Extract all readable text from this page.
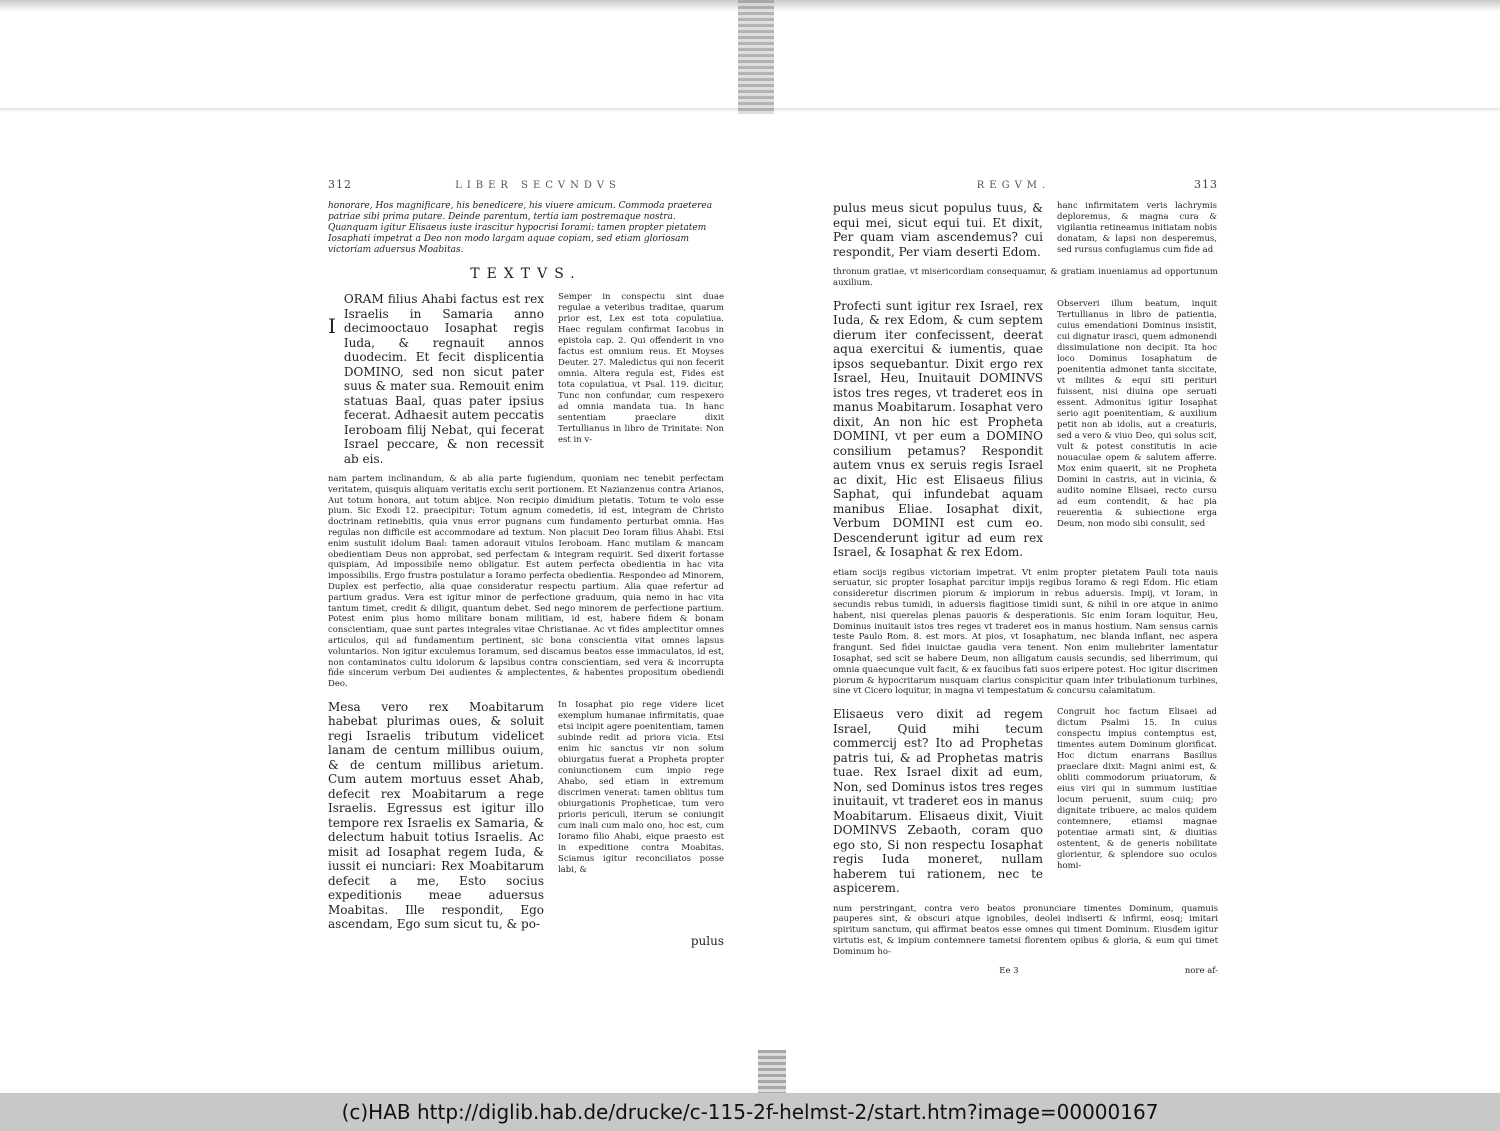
312	LIBER SECVNDVS

honorare, Hos magnificare, his benedicere, his viuere amicum. Commoda praeterea patriae sibi prima putare. Deinde parentum, tertia iam postremaque nostra. Quanquam igitur Elisaeus iuste irascitur hypocrisi Iorami: tamen propter pietatem Iosaphati impetrat a Deo non modo largam aquae copiam, sed etiam gloriosam victoriam aduersus Moabitas.

TEXTVS.
I
ORAM filius Ahabi factus est rex Israelis in Samaria anno decimooctauo Iosaphat regis Iuda, & regnauit annos duodecim. Et fecit displicentia DOMINO, sed non sicut pater suus & mater sua. Remouit enim statuas Baal, quas pater ipsius fecerat. Adhaesit autem peccatis Ieroboam filij Nebat, qui fecerat Israel peccare, & non recessit ab eis.
Semper in conspectu sint duae regulae a veteribus traditae, quarum prior est, Lex est tota copulatiua. Haec regulam confirmat Iacobus in epistola cap. 2. Qui offenderit in vno factus est omnium reus. Et Moyses Deuter. 27. Maledictus qui non fecerit omnia. Altera regula est, Fides est tota copulatiua, vt Psal. 119. dicitur, Tunc non confundar, cum respexero ad omnia mandata tua. In hanc sententiam praeclare dixit Tertullianus in libro de Trinitate: Non est in v-
nam partem inclinandum, & ab alia parte fugiendum, quoniam nec tenebit perfectam veritatem, quisquis aliquam veritatis exclu serit portionem. Et Nazianzenus contra Arianos, Aut totum honora, aut totum abijce. Non recipio dimidium pietatis. Totum te volo esse pium. Sic Exodi 12. praecipitur: Totum agnum comedetis, id est, integram de Christo doctrinam retinebitis, quia vnus error pugnans cum fundamento perturbat omnia. Has regulas non difficile est accommodare ad textum. Non placuit Deo Ioram filius Ahabi. Etsi enim sustulit idolum Baal: tamen adorauit vitulos Ieroboam. Hanc mutilam & mancam obedientiam Deus non approbat, sed perfectam & integram requirit. Sed dixerit fortasse quispiam, Ad impossibile nemo obligatur. Est autem perfecta obedientia in hac vita impossibilis. Ergo frustra postulatur a Ioramo perfecta obedientia. Respondeo ad Minorem, Duplex est perfectio, alia quae consideratur respectu partium. Alia quae refertur ad partium gradus. Vera est igitur minor de perfectione graduum, quia nemo in hac vita tantum timet, credit & diligit, quantum debet. Sed nego minorem de perfectione partium. Potest enim pius homo militare bonam militiam, id est, habere fidem & bonam conscientiam, quae sunt partes integrales vitae Christianae. Ac vt fides amplectitur omnes articulos, qui ad fundamentum pertinent, sic bona conscientia vitat omnes lapsus voluntarios. Non igitur exculemus Ioramum, sed discamus beatos esse immaculatos, id est, non contaminatos cultu idolorum & lapsibus contra conscientiam, sed vera & incorrupta fide sincerum verbum Dei audientes & amplectentes, & habentes propositum obediendi Deo.
Mesa vero rex Moabitarum habebat plurimas oues, & soluit regi Israelis tributum videlicet lanam de centum millibus ouium, & de centum millibus arietum. Cum autem mortuus esset Ahab, defecit rex Moabitarum a rege Israelis. Egressus est igitur illo tempore rex Israelis ex Samaria, & delectum habuit totius Israelis. Ac misit ad Iosaphat regem Iuda, & iussit ei nunciari: Rex Moabitarum defecit a me, Esto socius expeditionis meae aduersus Moabitas. Ille respondit, Ego ascendam, Ego sum sicut tu, & po-
In Iosaphat pio rege videre licet exemplum humanae infirmitatis, quae etsi incipit agere poenitentiam, tamen subinde redit ad priora vicia. Etsi enim hic sanctus vir non solum obiurgatus fuerat a Propheta propter coniunctionem cum impio rege Ahabo, sed etiam in extremum discrimen venerat: tamen oblitus tum obiurgationis Propheticae, tum vero prioris periculi, iterum se coniungit cum inali cum malo ono, hoc est, cum Ioramo filio Ahabi, eique praesto est in expeditione contra Moabitas. Sciamus igitur reconciliatos posse labi, &
pulus
REGVM.	313
pulus meus sicut populus tuus, & equi mei, sicut equi tui. Et dixit, Per quam viam ascendemus? cui respondit, Per viam deserti Edom.
hanc infirmitatem veris lachrymis deploremus, & magna cura & vigilantia retineamus initiatam nobis donatam, & lapsi non desperemus, sed rursus confugiamus cum fide ad
thronum gratiae, vt misericordiam consequamur, & gratiam inueniamus ad opportunum auxilium.
Profecti sunt igitur rex Israel, rex Iuda, & rex Edom, & cum septem dierum iter confecissent, deerat aqua exercitui & iumentis, quae ipsos sequebantur. Dixit ergo rex Israel, Heu, Inuitauit DOMINVS istos tres reges, vt traderet eos in manus Moabitarum. Iosaphat vero dixit, An non hic est Propheta DOMINI, vt per eum a DOMINO consilium petamus? Respondit autem vnus ex seruis regis Israel ac dixit, Hic est Elisaeus filius Saphat, qui infundebat aquam manibus Eliae. Iosaphat dixit, Verbum DOMINI est cum eo. Descenderunt igitur ad eum rex Israel, & Iosaphat & rex Edom.
Observeri illum beatum, inquit Tertullianus in libro de patientia, cuius emendationi Dominus insistit, cui dignatur irasci, quem admonendi dissimulatione non decipit. Ita hoc loco Dominus Iosaphatum de poenitentia admonet tanta siccitate, vt milites & equi siti perituri fuissent, nisi diuina ope seruati essent. Admonitus igitur Iosaphat serio agit poenitentiam, & auxilium petit non ab idolis, aut a creaturis, sed a vero & viuo Deo, qui solus scit, vult & potest constitutis in acie nouaculae opem & salutem afferre. Mox enim quaerit, sit ne Propheta Domini in castris, aut in vicinia, & audito nomine Elisaei, recto cursu ad eum contendit, & hac pia reuerentia & subiectione erga Deum, non modo sibi consulit, sed
etiam socijs regibus victoriam impetrat. Vt enim propter pietatem Pauli tota nauis seruatur, sic propter Iosaphat parcitur impijs regibus Ioramo & regi Edom. Hic etiam consideretur discrimen piorum & impiorum in rebus aduersis. Impij, vt Ioram, in secundis rebus tumidi, in aduersis flagitiose timidi sunt, & nihil in ore atque in animo habent, nisi querelas plenas pauoris & desperationis. Sic enim Ioram loquitur, Heu, Dominus inuitauit istos tres reges vt traderet eos in manus hostium. Nam sensus carnis teste Paulo Rom. 8. est mors. At pios, vt Iosaphatum, nec blanda inflant, nec aspera frangunt. Sed fidei inuictae gaudia vera tenent. Non enim muliebriter lamentatur Iosaphat, sed scit se habere Deum, non alligatum causis secundis, sed liberrimum, qui omnia quaecunque vult facit, & ex faucibus fati suos eripere potest. Hoc igitur discrimen piorum & hypocritarum nusquam clarius conspicitur quam inter tribulationum turbines, sine vt Cicero loquitur, in magna vi tempestatum & concursu calamitatum.
Elisaeus vero dixit ad regem Israel, Quid mihi tecum commercij est? Ito ad Prophetas patris tui, & ad Prophetas matris tuae. Rex Israel dixit ad eum, Non, sed Dominus istos tres reges inuitauit, vt traderet eos in manus Moabitarum. Elisaeus dixit, Viuit DOMINVS Zebaoth, coram quo ego sto, Si non respectu Iosaphat regis Iuda moneret, nullam haberem tui rationem, nec te aspicerem.
Congruit hoc factum Elisaei ad dictum Psalmi 15. In cuius conspectu impius contemptus est, timentes autem Dominum glorificat. Hoc dictum enarrans Basilius praeclare dixit: Magni animi est, & obliti commodorum priuatorum, & eius viri qui in summum iustitiae locum peruenit, suum cuiq; pro dignitate tribuere, ac malos quidem contemnere, etiamsi magnae potentiae armati sint, & diuitias ostentent, & de generis nobilitate glorientur, & splendore suo oculos homi-
num perstringant, contra vero beatos pronunciare timentes Dominum, quamuis pauperes sint, & obscuri atque ignobiles, deolei indiserti & infirmi, eosq; imitari spiritum sanctum, qui affirmat beatos esse omnes qui timent Dominum. Eiusdem igitur virtutis est, & impium contemnere tametsi florentem opibus & gloria, & eum qui timet Dominum ho-
Ee 3	nore af-
(c)HAB http://diglib.hab.de/drucke/c-115-2f-helmst-2/start.htm?image=00000167
